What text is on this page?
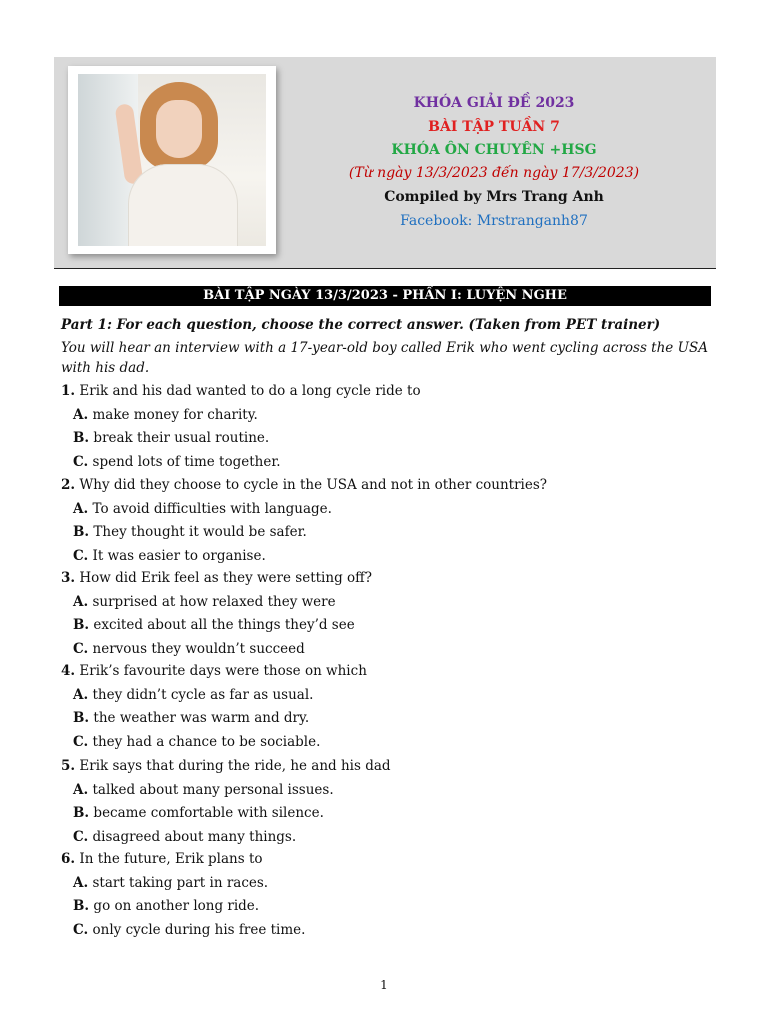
KHÓA GIẢI ĐỀ 2023
BÀI TẬP TUẦN 7
KHÓA ÔN CHUYÊN +HSG
(Từ ngày 13/3/2023 đến ngày 17/3/2023)
Compiled by Mrs Trang Anh
Facebook: Mrstranganh87
BÀI TẬP NGÀY 13/3/2023 - PHẦN I: LUYỆN NGHE
Part 1: For each question, choose the correct answer. (Taken from PET trainer)
You will hear an interview with a 17-year-old boy called Erik who went cycling across the USA with his dad.
1. Erik and his dad wanted to do a long cycle ride to
A. make money for charity.
B. break their usual routine.
C. spend lots of time together.
2. Why did they choose to cycle in the USA and not in other countries?
A. To avoid difficulties with language.
B. They thought it would be safer.
C. It was easier to organise.
3. How did Erik feel as they were setting off?
A. surprised at how relaxed they were
B. excited about all the things they’d see
C. nervous they wouldn’t succeed
4. Erik’s favourite days were those on which
A. they didn’t cycle as far as usual.
B. the weather was warm and dry.
C. they had a chance to be sociable.
5. Erik says that during the ride, he and his dad
A. talked about many personal issues.
B. became comfortable with silence.
C. disagreed about many things.
6. In the future, Erik plans to
A. start taking part in races.
B. go on another long ride.
C. only cycle during his free time.
1
